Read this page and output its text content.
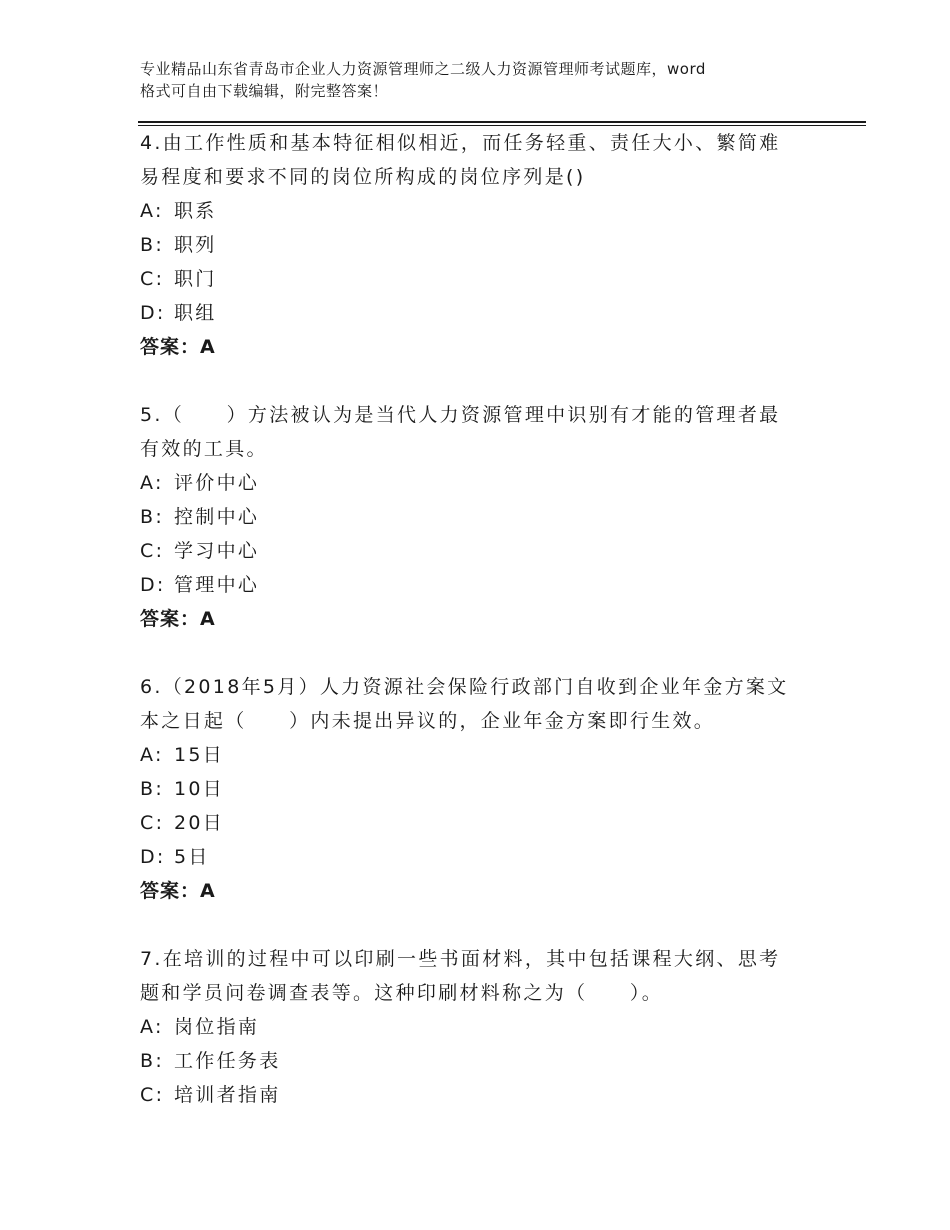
专业精品山东省青岛市企业人力资源管理师之二级人力资源管理师考试题库，word
格式可自由下载编辑，附完整答案！

4.由工作性质和基本特征相似相近，而任务轻重、责任大小、繁简难

易程度和要求不同的岗位所构成的岗位序列是()

A: 职系

B: 职列

C: 职门

D: 职组

答案：A

5.（　　）方法被认为是当代人力资源管理中识别有才能的管理者最

有效的工具。

A: 评价中心

B: 控制中心

C: 学习中心

D: 管理中心

答案：A

6.（2018年5月）人力资源社会保险行政部门自收到企业年金方案文

本之日起（　　）内未提出异议的，企业年金方案即行生效。

A: 15日

B: 10日

C: 20日

D: 5日

答案：A

7.在培训的过程中可以印刷一些书面材料，其中包括课程大纲、思考

题和学员问卷调查表等。这种印刷材料称之为（　　）。

A: 岗位指南

B: 工作任务表

C: 培训者指南
